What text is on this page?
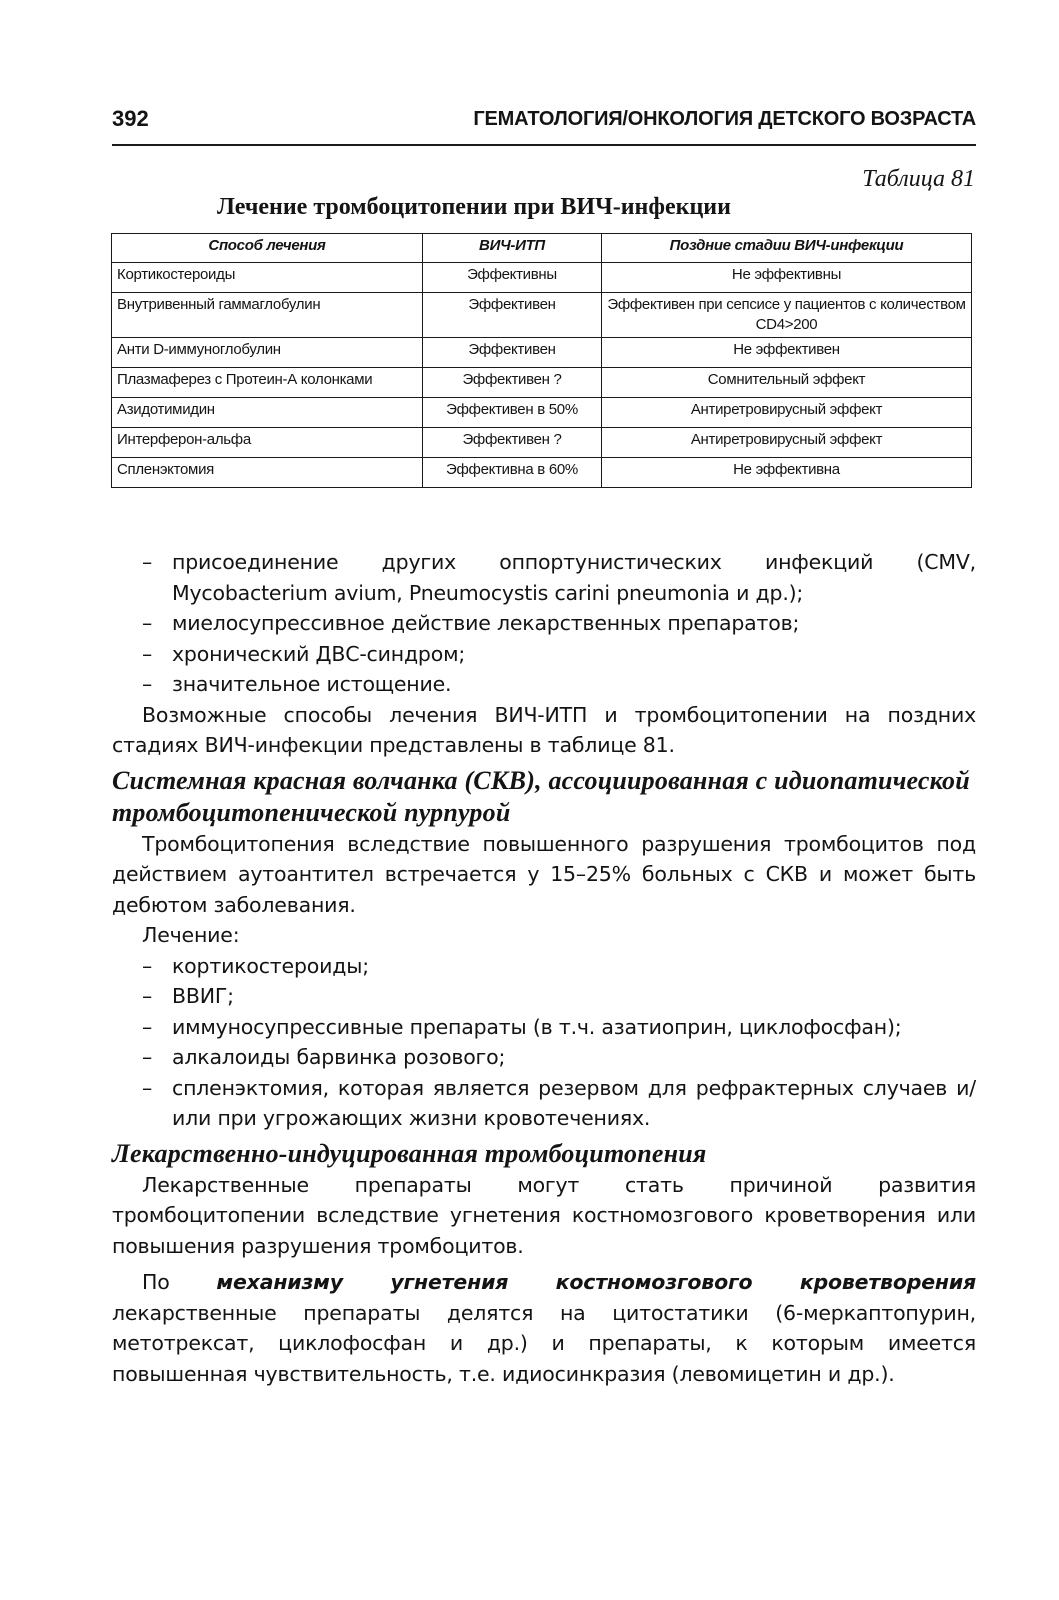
392	ГЕМАТОЛОГИЯ/ОНКОЛОГИЯ ДЕТСКОГО ВОЗРАСТА
Таблица 81
Лечение тромбоцитопении при ВИЧ-инфекции
Способ лечения	ВИЧ-ИТП	Поздние стадии ВИЧ-инфекции
Кортикостероиды	Эффективны	Не эффективны
Внутривенный гаммаглобулин	Эффективен	Эффективен при сепсисе у пациентов с количеством CD4>200
Анти D-иммуноглобулин	Эффективен	Не эффективен
Плазмаферез с Протеин-А колонками	Эффективен ?	Сомнительный эффект
Азидотимидин	Эффективен в 50%	Антиретровирусный эффект
Интерферон-альфа	Эффективен ?	Антиретровирусный эффект
Спленэктомия	Эффективна в 60%	Не эффективна
– присоединение других оппортунистических инфекций (CMV, Mycobacterium avium, Pneumocystis carini pneumonia и др.);
– миелосупрессивное действие лекарственных препаратов;
– хронический ДВС-синдром;
– значительное истощение.

Возможные способы лечения ВИЧ-ИТП и тромбоцитопении на поздних стадиях ВИЧ-инфекции представлены в таблице 81.

Системная красная волчанка (СКВ), ассоциированная с идиопатической тромбоцитопенической пурпурой

Тромбоцитопения вследствие повышенного разрушения тромбоцитов под действием аутоантител встречается у 15–25% больных с СКВ и может быть дебютом заболевания.

Лечение:

– кортикостероиды;
– ВВИГ;
– иммуносупрессивные препараты (в т.ч. азатиоприн, циклофосфан);
– алкалоиды барвинка розового;
– спленэктомия, которая является резервом для рефрактерных случаев и/или при угрожающих жизни кровотечениях.
Лекарственно-индуцированная тромбоцитопения

Лекарственные препараты могут стать причиной развития тромбоцитопении вследствие угнетения костномозгового кроветворения или повышения разрушения тромбоцитов.

По механизму угнетения костномозгового кроветворения лекарственные препараты делятся на цитостатики (6-меркаптопурин, метотрексат, циклофосфан и др.) и препараты, к которым имеется повышенная чувствительность, т.е. идиосинкразия (левомицетин и др.).
